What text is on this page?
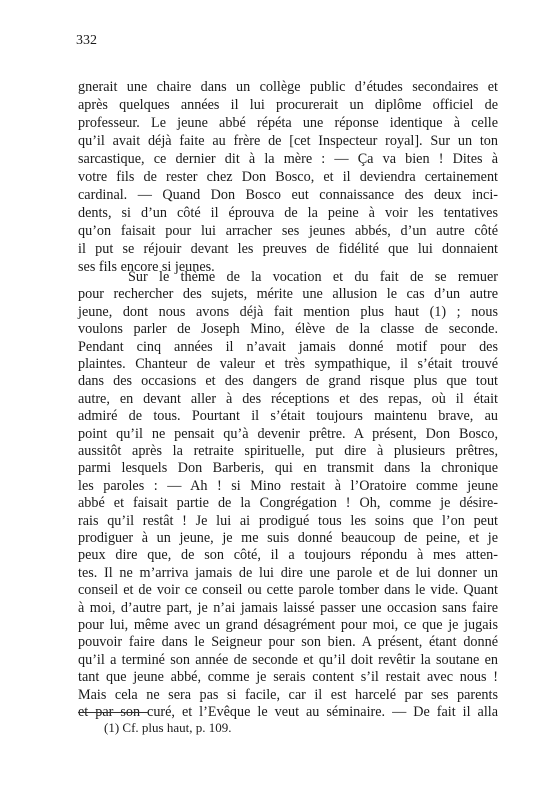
332
gnerait une chaire dans un collège public d’études secondaires et
après quelques années il lui procurerait un diplôme officiel de
professeur. Le jeune abbé répéta une réponse identique à celle
qu’il avait déjà faite au frère de [cet Inspecteur royal]. Sur un ton
sarcastique, ce dernier dit à la mère : — Ça va bien ! Dites à
votre fils de rester chez Don Bosco, et il deviendra certainement
cardinal. — Quand Don Bosco eut connaissance des deux inci-
dents, si d’un côté il éprouva de la peine à voir les tentatives
qu’on faisait pour lui arracher ses jeunes abbés, d’un autre côté
il put se réjouir devant les preuves de fidélité que lui donnaient
ses fils encore si jeunes.
Sur le thème de la vocation et du fait de se remuer
pour rechercher des sujets, mérite une allusion le cas d’un autre
jeune, dont nous avons déjà fait mention plus haut (1) ; nous
voulons parler de Joseph Mino, élève de la classe de seconde.
Pendant cinq années il n’avait jamais donné motif pour des
plaintes. Chanteur de valeur et très sympathique, il s’était trouvé
dans des occasions et des dangers de grand risque plus que tout
autre, en devant aller à des réceptions et des repas, où il était
admiré de tous. Pourtant il s’était toujours maintenu brave, au
point qu’il ne pensait qu’à devenir prêtre. A présent, Don Bosco,
aussitôt après la retraite spirituelle, put dire à plusieurs prêtres,
parmi lesquels Don Barberis, qui en transmit dans la chronique
les paroles : — Ah ! si Mino restait à l’Oratoire comme jeune
abbé et faisait partie de la Congrégation ! Oh, comme je désire-
rais qu’il restât ! Je lui ai prodigué tous les soins que l’on peut
prodiguer à un jeune, je me suis donné beaucoup de peine, et je
peux dire que, de son côté, il a toujours répondu à mes atten-
tes. Il ne m’arriva jamais de lui dire une parole et de lui donner un
conseil et de voir ce conseil ou cette parole tomber dans le vide. Quant
à moi, d’autre part, je n’ai jamais laissé passer une occasion sans faire
pour lui, même avec un grand désagrément pour moi, ce que je jugais
pouvoir faire dans le Seigneur pour son bien. A présent, étant donné
qu’il a terminé son année de seconde et qu’il doit revêtir la soutane en
tant que jeune abbé, comme je serais content s’il restait avec nous !
Mais cela ne sera pas si facile, car il est harcelé par ses parents
et par son curé, et l’Evêque le veut au séminaire. — De fait il alla
(1) Cf. plus haut, p. 109.
